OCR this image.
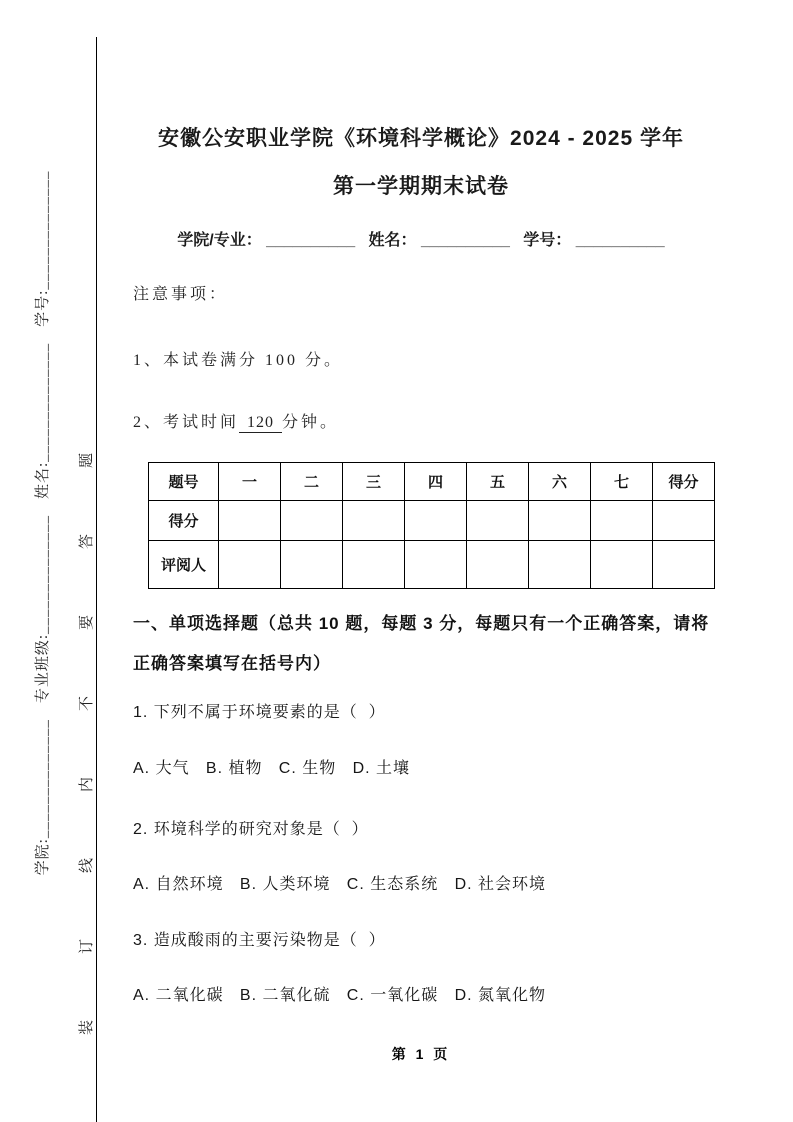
学院:______________　专业班级:______________　姓名:______________　学号:______________ 装订线内不要答题
安徽公安职业学院《环境科学概论》2024 - 2025 学年
第一学期期末试卷
学院/专业： __________   姓名： __________   学号： __________
注意事项：
1、本试卷满分 100 分。
2、考试时间 120 分钟。
题号	一	二	三	四	五	六	七	得分
得分								
评阅人								
一、单项选择题（总共 10 题，每题 3 分，每题只有一个正确答案，请将正确答案填写在括号内）
1. 下列不属于环境要素的是（  ）
A. 大气   B. 植物   C. 生物   D. 土壤
2. 环境科学的研究对象是（  ）
A. 自然环境   B. 人类环境   C. 生态系统   D. 社会环境
3. 造成酸雨的主要污染物是（  ）
A. 二氧化碳   B. 二氧化硫   C. 一氧化碳   D. 氮氧化物
第 1 页
